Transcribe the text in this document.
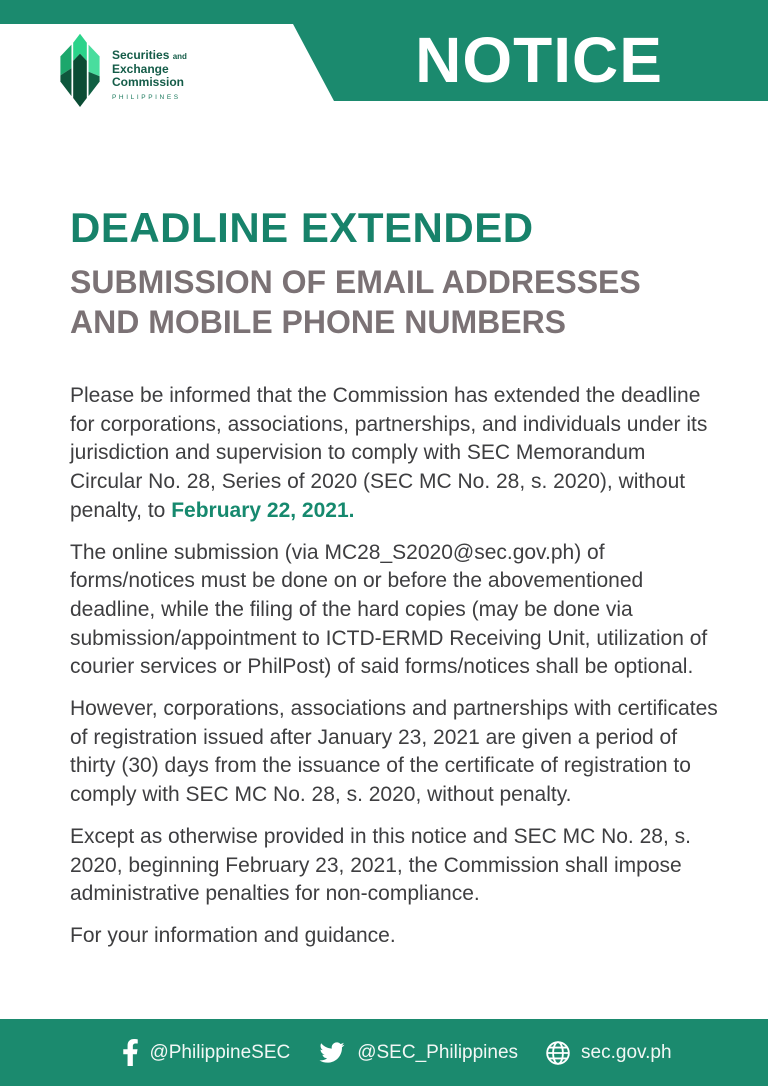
Securities and
Exchange
Commission
PHILIPPINES
NOTICE
DEADLINE EXTENDED
SUBMISSION OF EMAIL ADDRESSES
AND MOBILE PHONE NUMBERS

Please be informed that the Commission has extended the deadline for corporations, associations, partnerships, and individuals under its jurisdiction and supervision to comply with SEC Memorandum Circular No. 28, Series of 2020 (SEC MC No. 28, s. 2020), without penalty, to February 22, 2021.

The online submission (via MC28_S2020@sec.gov.ph) of forms/notices must be done on or before the abovementioned deadline, while the filing of the hard copies (may be done via submission/appointment to ICTD-ERMD Receiving Unit, utilization of courier services or PhilPost) of said forms/notices shall be optional.

However, corporations, associations and partnerships with certificates of registration issued after January 23, 2021 are given a period of thirty (30) days from the issuance of the certificate of registration to comply with SEC MC No. 28, s. 2020, without penalty.

Except as otherwise provided in this notice and SEC MC No. 28, s. 2020, beginning February 23, 2021, the Commission shall impose administrative penalties for non-compliance.

For your information and guidance.

@PhilippineSEC	@SEC_Philippines	sec.gov.ph
